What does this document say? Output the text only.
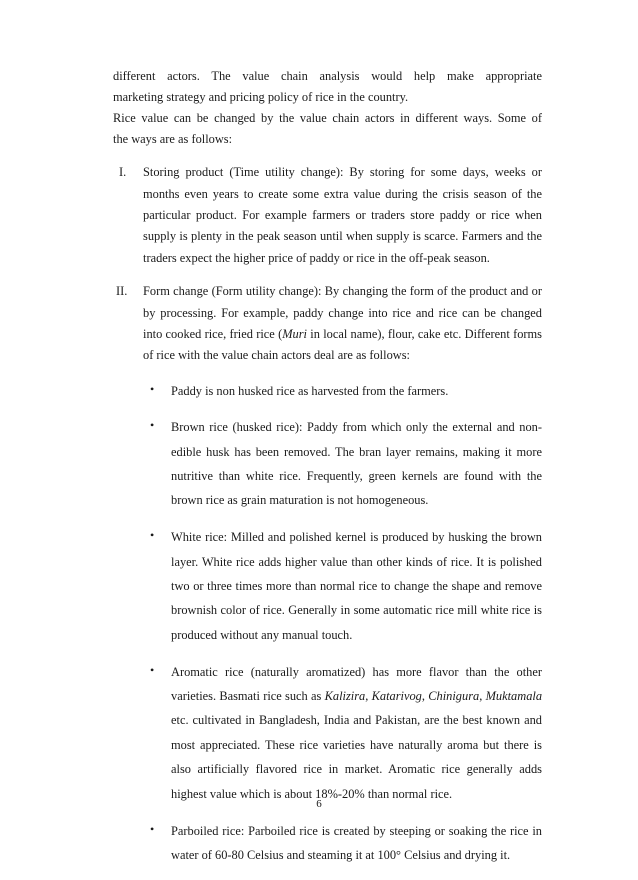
different actors. The value chain analysis would help make appropriate

marketing strategy and pricing policy of rice in the country.

Rice value can be changed by the value chain actors in different ways. Some of

the ways are as follows:

I. Storing product (Time utility change): By storing for some days, weeks or months even years to create some extra value during the crisis season of the particular product. For example farmers or traders store paddy or rice when supply is plenty in the peak season until when supply is scarce. Farmers and the traders expect the higher price of paddy or rice in the off-peak season.

II. Form change (Form utility change): By changing the form of the product and or by processing. For example, paddy change into rice and rice can be changed into cooked rice, fried rice (Muri in local name), flour, cake etc. Different forms of rice with the value chain actors deal are as follows:

• Paddy is non husked rice as harvested from the farmers.

• Brown rice (husked rice): Paddy from which only the external and non-edible husk has been removed. The bran layer remains, making it more nutritive than white rice. Frequently, green kernels are found with the brown rice as grain maturation is not homogeneous.

• White rice: Milled and polished kernel is produced by husking the brown layer. White rice adds higher value than other kinds of rice. It is polished two or three times more than normal rice to change the shape and remove brownish color of rice. Generally in some automatic rice mill white rice is produced without any manual touch.

• Aromatic rice (naturally aromatized) has more flavor than the other varieties. Basmati rice such as Kalizira, Katarivog, Chinigura, Muktamala etc. cultivated in Bangladesh, India and Pakistan, are the best known and most appreciated. These rice varieties have naturally aroma but there is also artificially flavored rice in market. Aromatic rice generally adds highest value which is about 18%-20% than normal rice.

• Parboiled rice: Parboiled rice is created by steeping or soaking the rice in water of 60-80 Celsius and steaming it at 100° Celsius and drying it.

6
